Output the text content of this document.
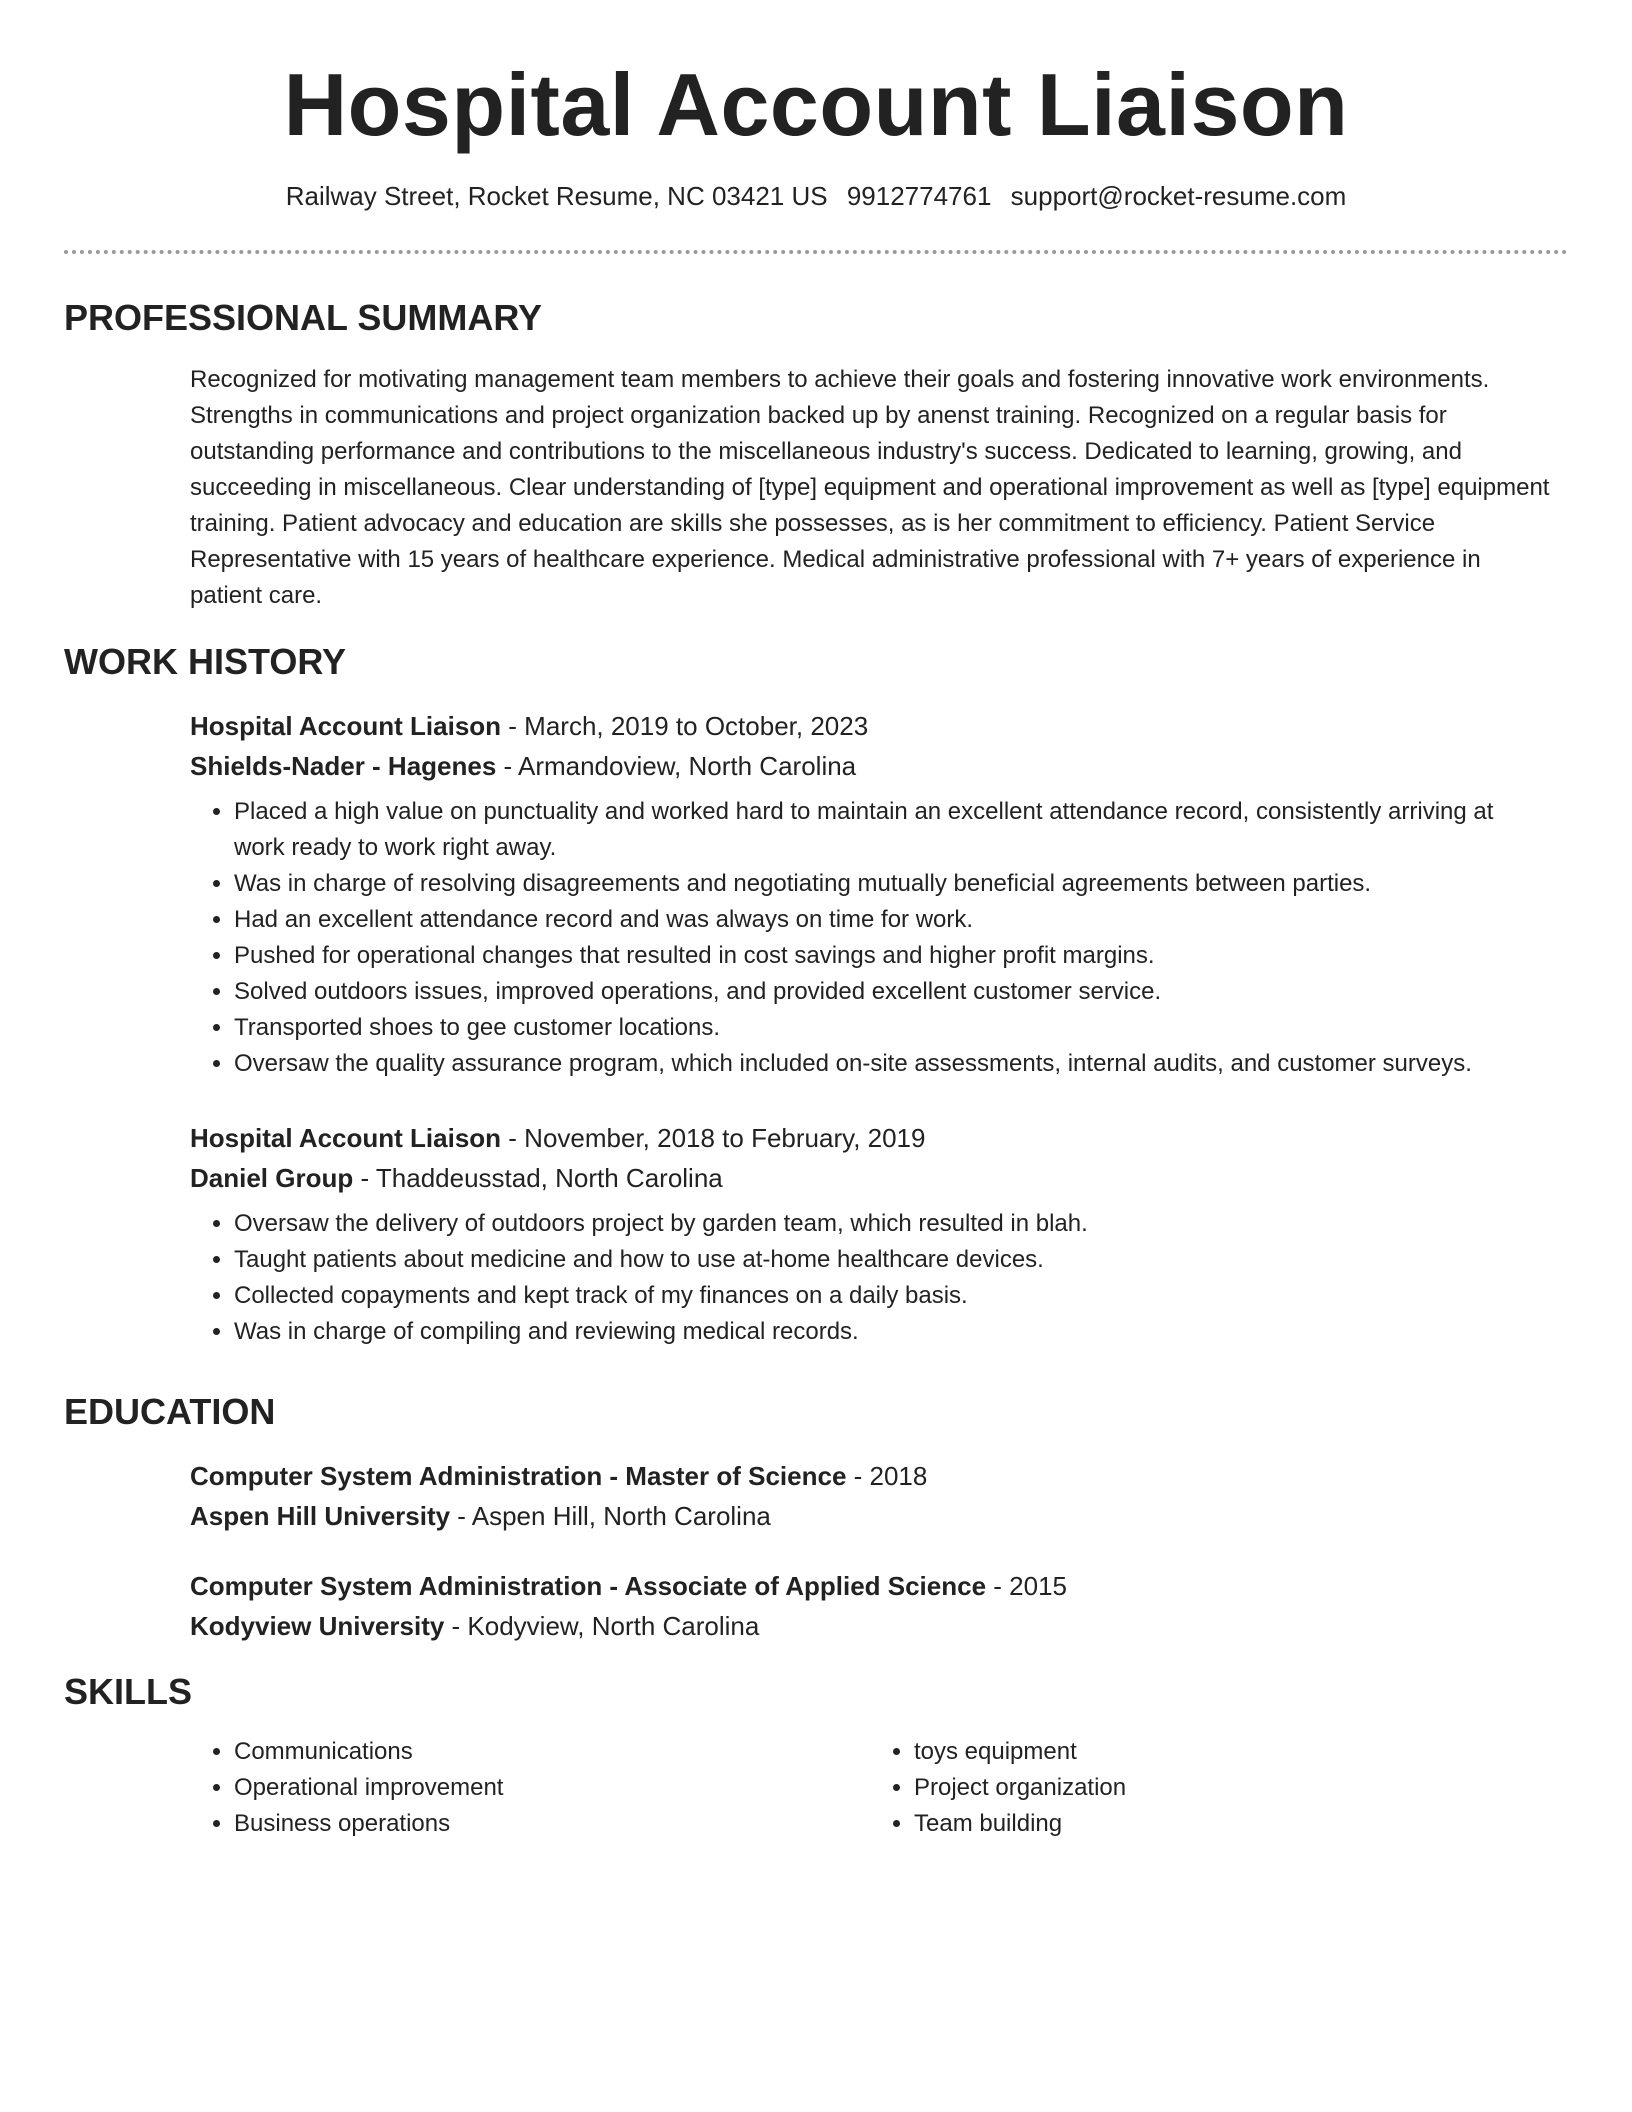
Hospital Account Liaison
Railway Street, Rocket Resume, NC 03421 US 9912774761 support@rocket-resume.com
PROFESSIONAL SUMMARY

Recognized for motivating management team members to achieve their goals and fostering innovative work environments. Strengths in communications and project organization backed up by anenst training. Recognized on a regular basis for outstanding performance and contributions to the miscellaneous industry's success. Dedicated to learning, growing, and succeeding in miscellaneous. Clear understanding of [type] equipment and operational improvement as well as [type] equipment training. Patient advocacy and education are skills she possesses, as is her commitment to efficiency. Patient Service Representative with 15 years of healthcare experience. Medical administrative professional with 7+ years of experience in patient care.

WORK HISTORY

Hospital Account Liaison - March, 2019 to October, 2023

Shields-Nader - Hagenes - Armandoview, North Carolina

• Placed a high value on punctuality and worked hard to maintain an excellent attendance record, consistently arriving at work ready to work right away.
• Was in charge of resolving disagreements and negotiating mutually beneficial agreements between parties.
• Had an excellent attendance record and was always on time for work.
• Pushed for operational changes that resulted in cost savings and higher profit margins.
• Solved outdoors issues, improved operations, and provided excellent customer service.
• Transported shoes to gee customer locations.
• Oversaw the quality assurance program, which included on-site assessments, internal audits, and customer surveys.

Hospital Account Liaison - November, 2018 to February, 2019

Daniel Group - Thaddeusstad, North Carolina

• Oversaw the delivery of outdoors project by garden team, which resulted in blah.
• Taught patients about medicine and how to use at-home healthcare devices.
• Collected copayments and kept track of my finances on a daily basis.
• Was in charge of compiling and reviewing medical records.
EDUCATION

Computer System Administration - Master of Science - 2018

Aspen Hill University - Aspen Hill, North Carolina

Computer System Administration - Associate of Applied Science - 2015

Kodyview University - Kodyview, North Carolina

SKILLS
• Communications
• Operational improvement
• Business operations
• toys equipment
• Project organization
• Team building
